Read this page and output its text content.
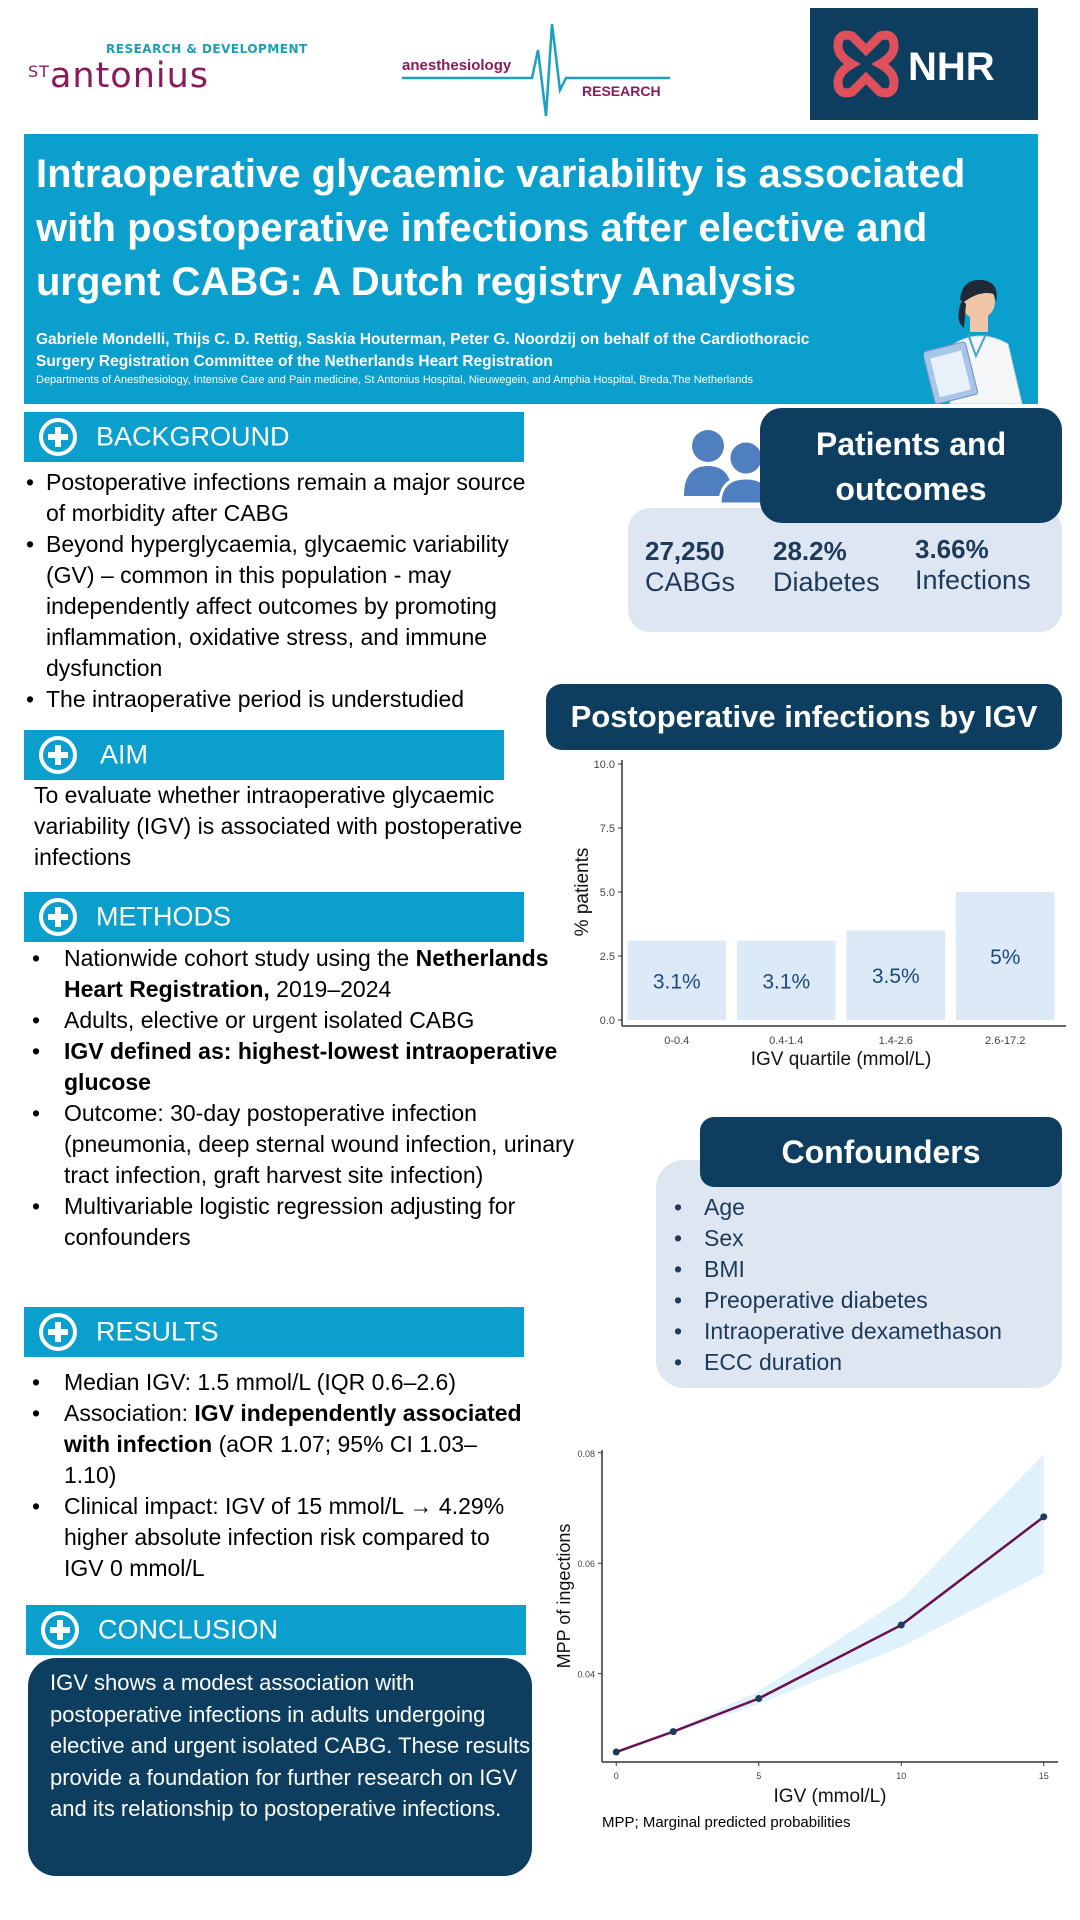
RESEARCH & DEVELOPMENT
$^{ST}$antonius	anesthesiology
RESEARCH
NHR
Intraoperative glycaemic variability is associated with postoperative infections after elective and urgent CABG: A Dutch registry Analysis
Gabriele Mondelli, Thijs C. D. Rettig, Saskia Houterman, Peter G. Noordzij on behalf of the Cardiothoracic Surgery Registration Committee of the Netherlands Heart Registration
Departments of Anesthesiology, Intensive Care and Pain medicine, St Antonius Hospital, Nieuwegein, and Amphia Hospital, Breda,The Netherlands
BACKGROUND
• Postoperative infections remain a major source of morbidity after CABG
• Beyond hyperglycaemia, glycaemic variability (GV) – common in this population - may independently affect outcomes by promoting inflammation, oxidative stress, and immune dysfunction
• The intraoperative period is understudied
AIM
To evaluate whether intraoperative glycaemic variability (IGV) is associated with postoperative infections
METHODS
• Nationwide cohort study using the Netherlands Heart Registration, 2019–2024
• Adults, elective or urgent isolated CABG
• IGV defined as: highest-lowest intraoperative glucose
• Outcome: 30-day postoperative infection (pneumonia, deep sternal wound infection, urinary tract infection, graft harvest site infection)
• Multivariable logistic regression adjusting for confounders
RESULTS
• Median IGV: 1.5 mmol/L (IQR 0.6–2.6)
• Association: IGV independently associated with infection (aOR 1.07; 95% CI 1.03–1.10)
• Clinical impact: IGV of 15 mmol/L → 4.29% higher absolute infection risk compared to IGV 0 mmol/L
CONCLUSION
IGV shows a modest association with postoperative infections in adults undergoing elective and urgent isolated CABG. These results provide a foundation for further research on IGV and its relationship to postoperative infections.
Patients and outcomes
27,250
CABGs
28.2%
Diabetes
3.66%
Infections
Postoperative infections by IGV
0.0
2.5
5.0
7.5
10.0
3.1%
0-0.4
3.1%
0.4-1.4
3.5%
1.4-2.6
5%
2.6-17.2
IGV quartile (mmol/L)
% patients
Confounders
• Age
• Sex
• BMI
• Preoperative diabetes
• Intraoperative dexamethason
• ECC duration
0.04
0.06
0.08
0	5	10	15
IGV (mmol/L)
MPP of ingections
MPP; Marginal predicted probabilities
